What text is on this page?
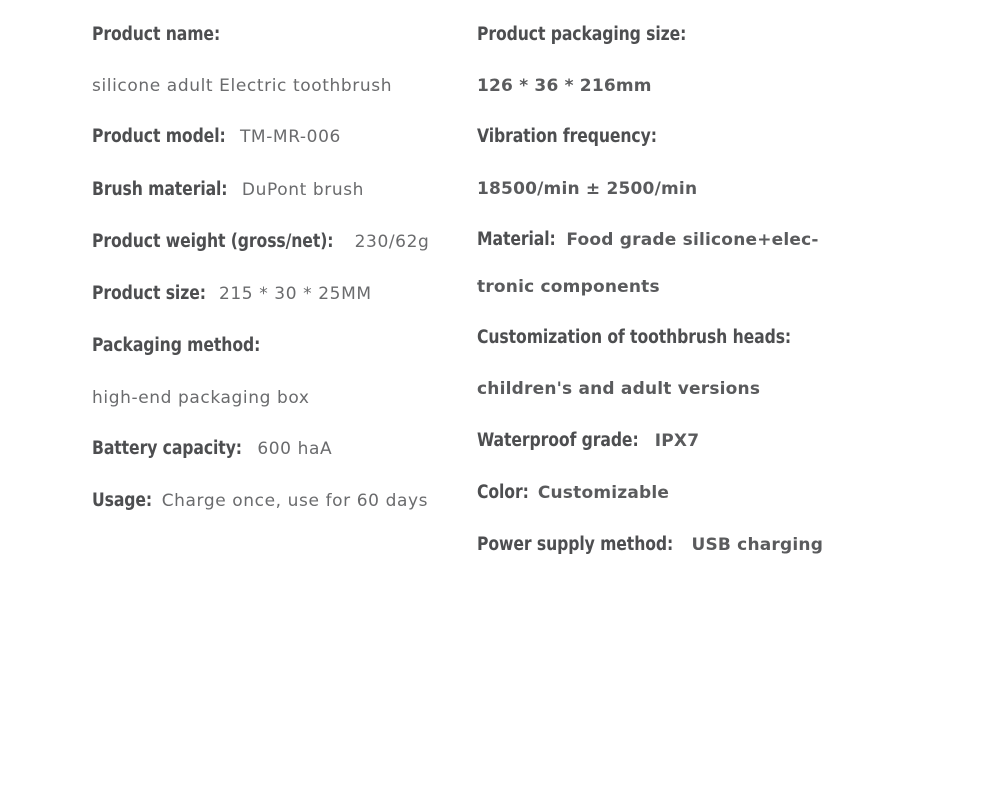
Product name:
silicone adult Electric toothbrush
Product model: TM-MR-006
Brush material: DuPont brush
Product weight (gross/net): 230/62g
Product size: 215 * 30 * 25MM
Packaging method:
high-end packaging box
Battery capacity: 600 haA
Usage: Charge once, use for 60 days
Product packaging size:
126 * 36 * 216mm
Vibration frequency:
18500/min ± 2500/min
Material: Food grade silicone+elec-
tronic components
Customization of toothbrush heads:
children's and adult versions
Waterproof grade: IPX7
Color: Customizable
Power supply method: USB charging
